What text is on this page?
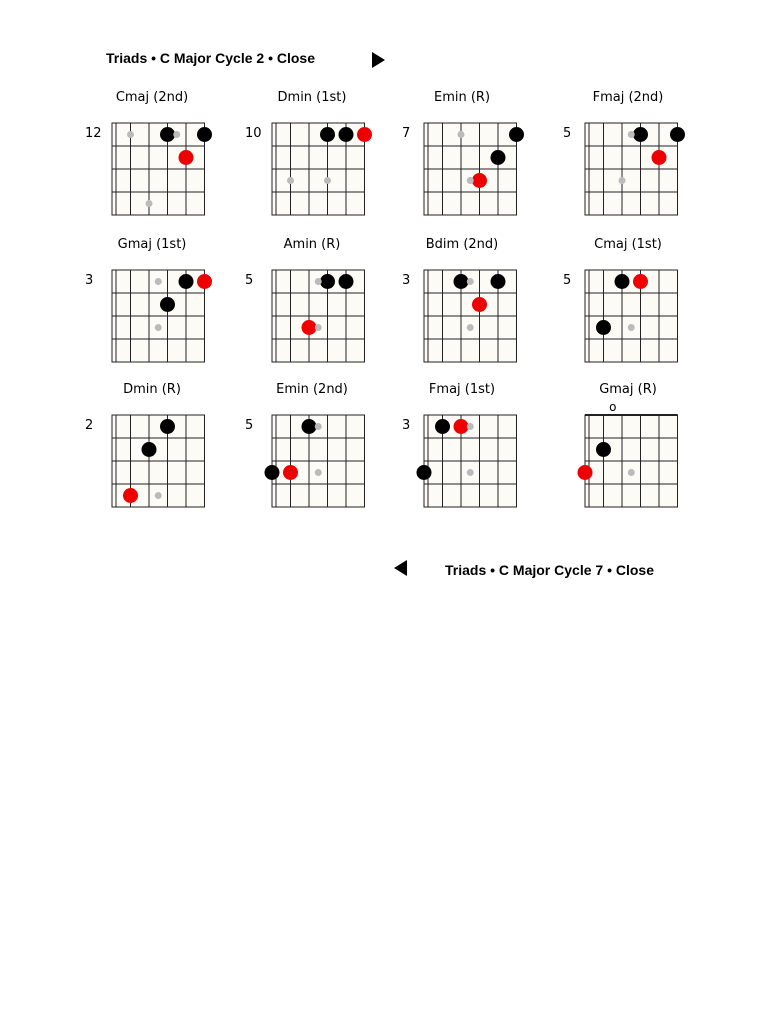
Triads • C Major Cycle 2 • Close
Cmaj (2nd)
12
Dmin (1st)
10
Emin (R)
7
Fmaj (2nd)
5
Gmaj (1st)
3
Amin (R)
5
Bdim (2nd)
3
Cmaj (1st)
5
Dmin (R)
2
Emin (2nd)
5
Fmaj (1st)
3
Gmaj (R)
o
Triads • C Major Cycle 7 • Close
